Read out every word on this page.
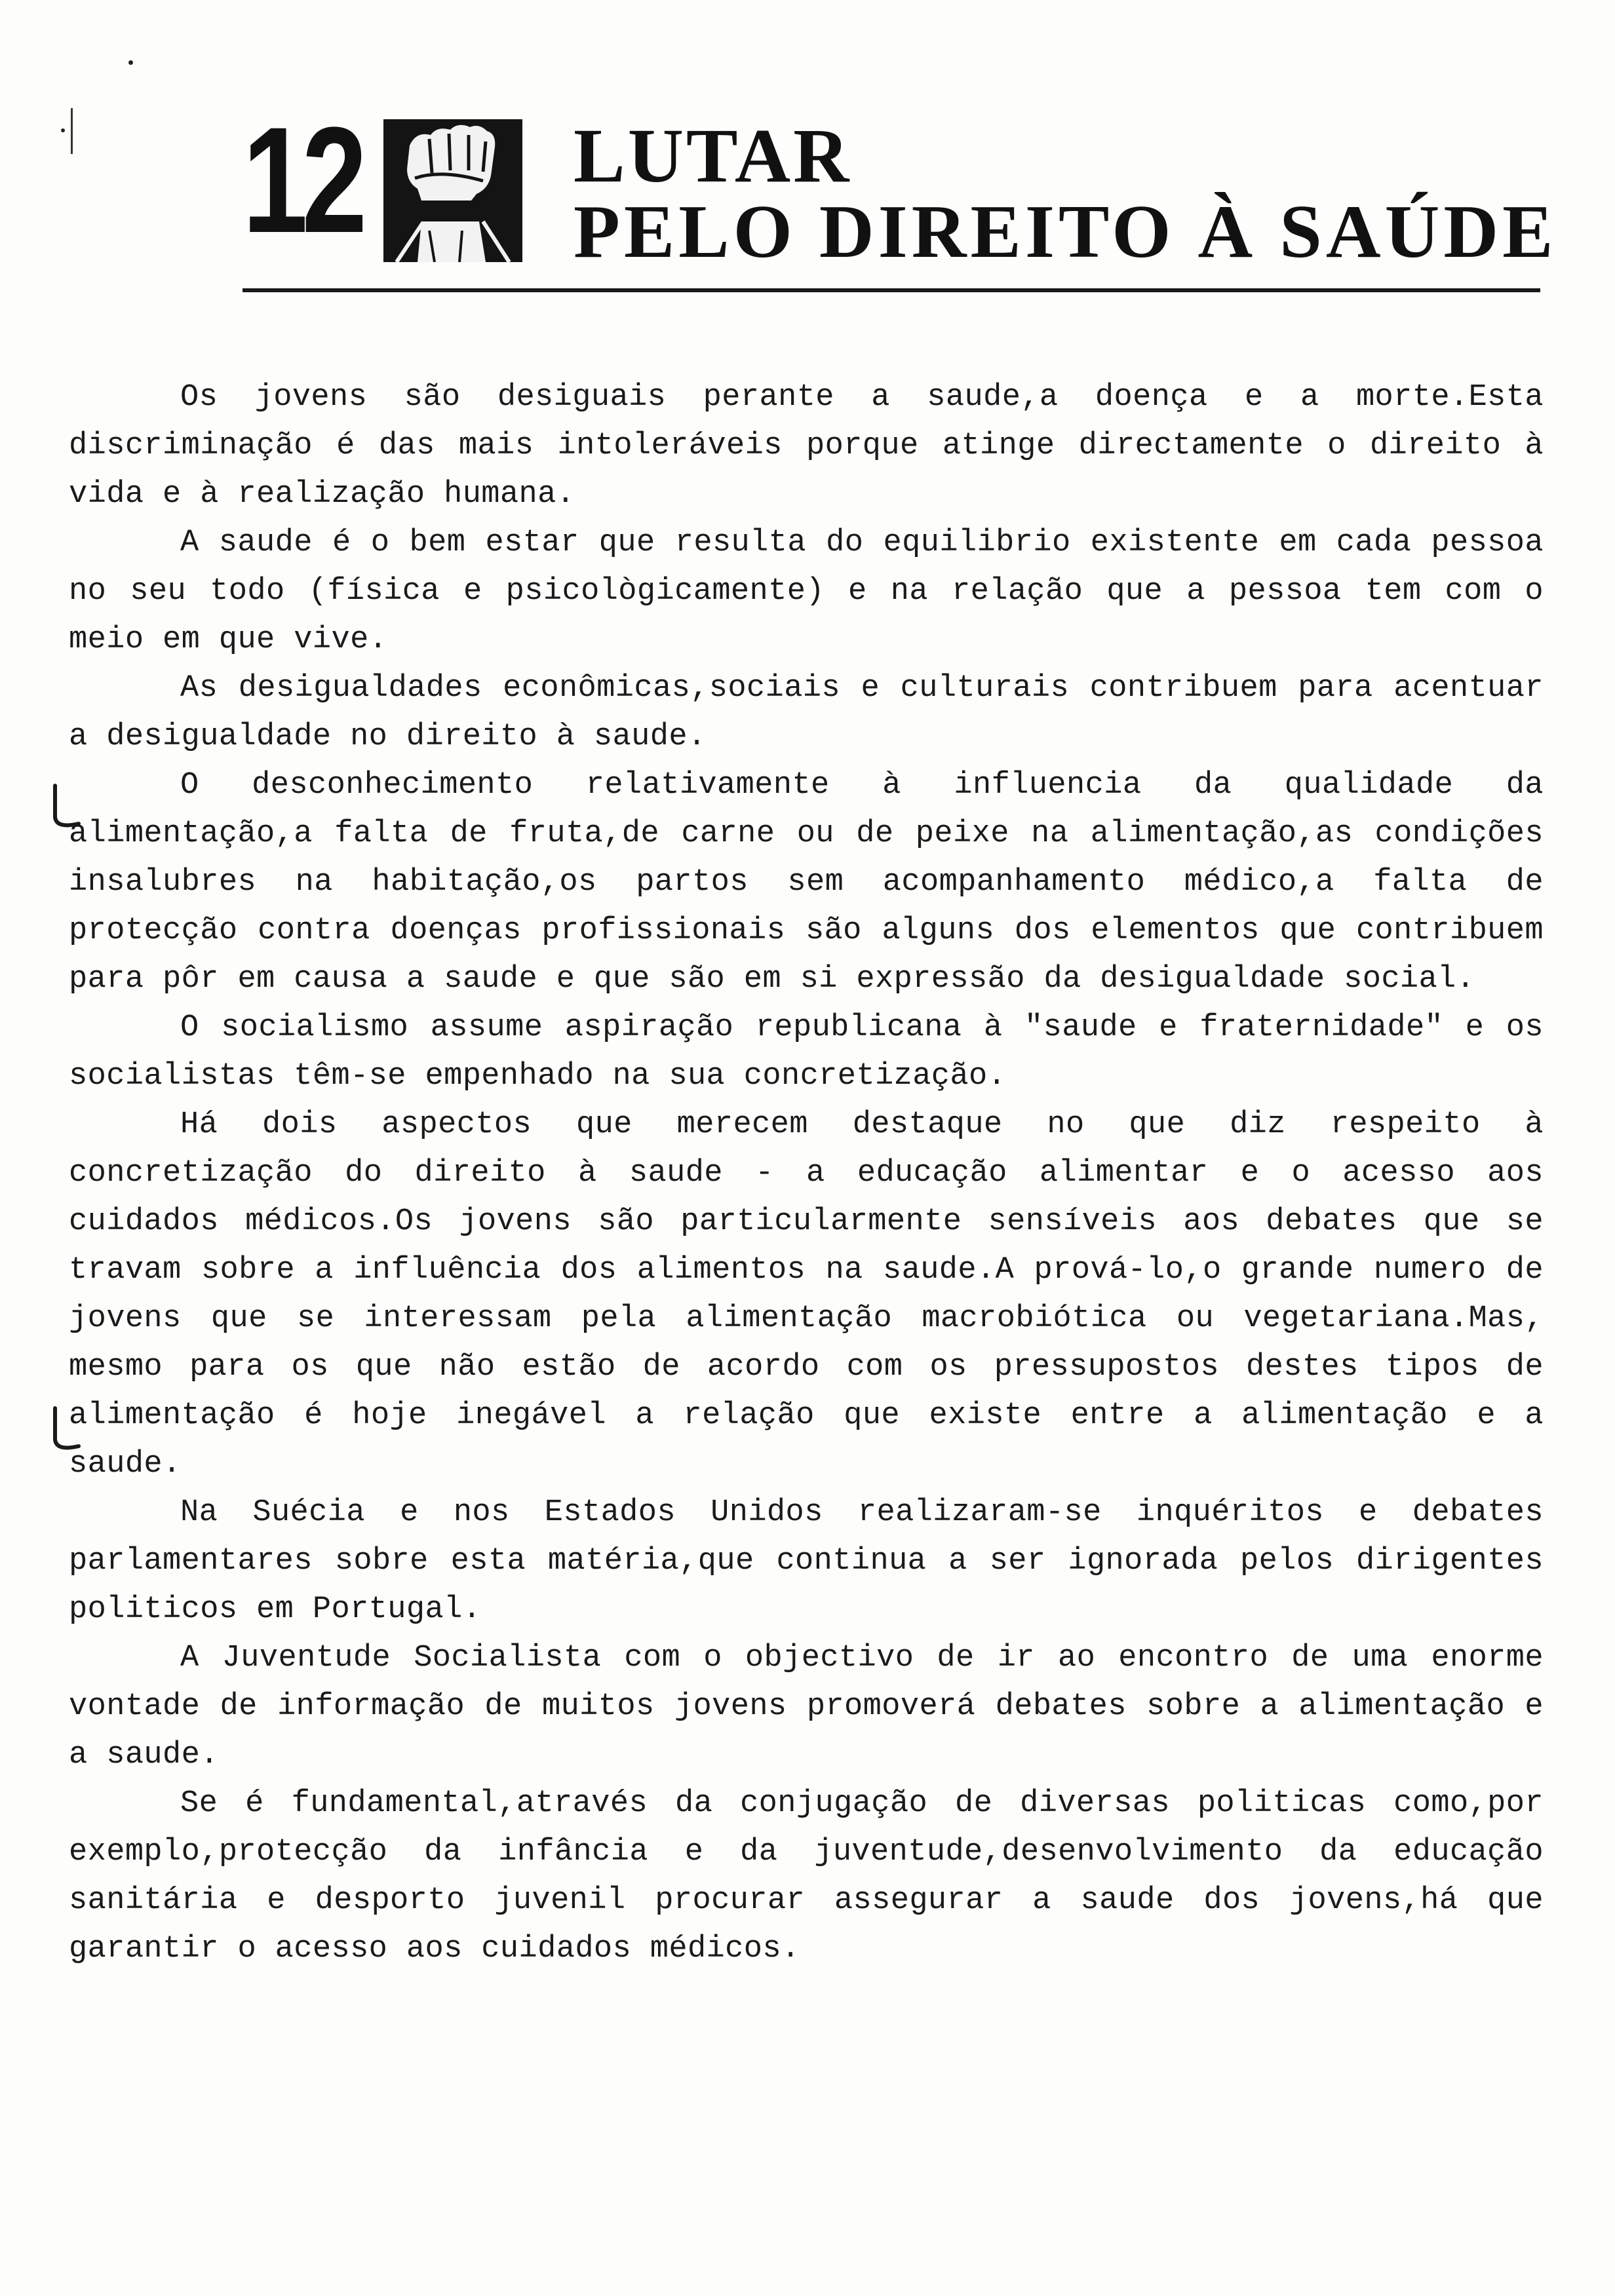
12	LUTAR
PELO DIREITO À SAÚDE

Os jovens são desiguais perante a saude,a doença e a morte.Esta discriminação é das mais intoleráveis porque atinge directamente o direito à vida e à realização humana.

A saude é o bem estar que resulta do equilibrio existente em cada pessoa no seu todo (física e psicològicamente) e na relação que a pessoa tem com o meio em que vive.

As desigualdades econômicas,sociais e culturais contribuem para acentuar a desigualdade no direito à saude.

O desconhecimento relativamente à influencia da qualidade da alimentação,a falta de fruta,de carne ou de peixe na alimentação,as condições insalubres na habitação,os partos sem acompanhamento médico,a falta de protecção contra doenças profissionais são alguns dos elementos que contribuem para pôr em causa a saude e que são em si expressão da desigualdade social.

O socialismo assume aspiração republicana à "saude e fraternidade" e os socialistas têm-se empenhado na sua concretização.

Há dois aspectos que merecem destaque no que diz respeito à concretização do direito à saude - a educação alimentar e o acesso aos cuidados médicos.Os jovens são particularmente sensíveis aos debates que se travam sobre a influência dos alimentos na saude.A prová-lo,o grande numero de jovens que se interessam pela alimentação macrobiótica ou vegetariana.Mas, mesmo para os que não estão de acordo com os pressupostos destes tipos de alimentação é hoje inegável a relação que existe entre a alimentação e a saude.

Na Suécia e nos Estados Unidos realizaram-se inquéritos e debates parlamentares sobre esta matéria,que continua a ser ignorada pelos dirigentes politicos em Portugal.

A Juventude Socialista com o objectivo de ir ao encontro de uma enorme vontade de informação de muitos jovens promoverá debates sobre a alimentação e a saude.

Se é fundamental,através da conjugação de diversas politicas como,por exemplo,protecção da infância e da juventude,desenvolvimento da educação sanitária e desporto juvenil procurar assegurar a saude dos jovens,há que garantir o acesso aos cuidados médicos.
